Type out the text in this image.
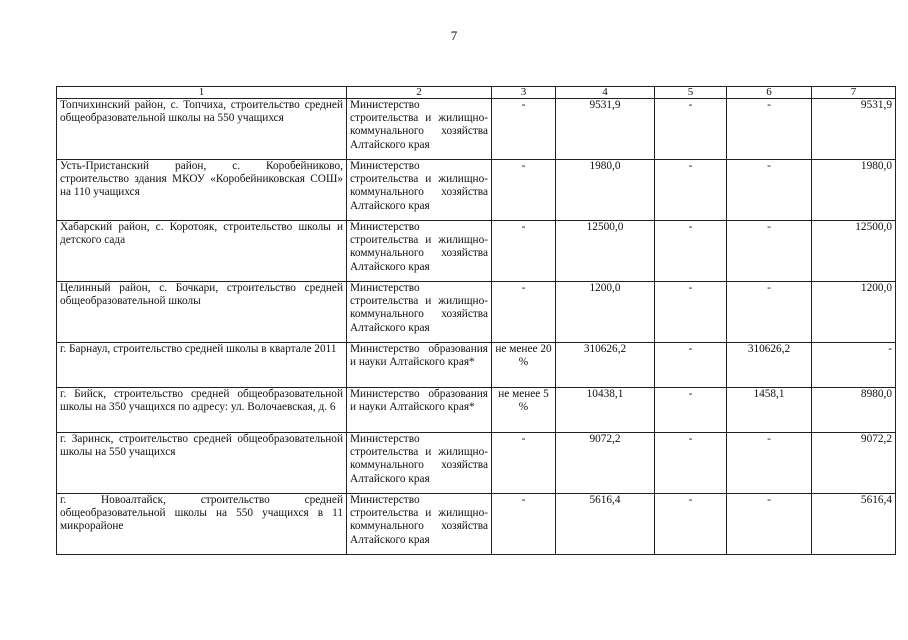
7
1	2	3	4	5	6	7
Топчихинский район, с. Топчиха, строительство средней общеобразовательной школы на 550 учащихся	Министерство строительства и жилищно-коммунального хозяйства Алтайского края	-	9531,9	-	-	9531,9
Усть-Пристанский район, с. Коробейниково, строительство здания МКОУ «Коробейниковская СОШ» на 110 учащихся	Министерство строительства и жилищно-коммунального хозяйства Алтайского края	-	1980,0	-	-	1980,0
Хабарский район, с. Коротояк, строительство школы и детского сада	Министерство строительства и жилищно-коммунального хозяйства Алтайского края	-	12500,0	-	-	12500,0
Целинный район, с. Бочкари, строительство средней общеобразовательной школы	Министерство строительства и жилищно-коммунального хозяйства Алтайского края	-	1200,0	-	-	1200,0
г. Барнаул, строительство средней школы в квартале 2011	Министерство образования и науки Алтайского края*	не менее 20 %	310626,2	-	310626,2	-
г. Бийск, строительство средней общеобразовательной школы на 350 учащихся по адресу: ул. Волочаевская, д. 6	Министерство образования и науки Алтайского края*	не менее 5 %	10438,1	-	1458,1	8980,0
г. Заринск, строительство средней общеобразовательной школы на 550 учащихся	Министерство строительства и жилищно-коммунального хозяйства Алтайского края	-	9072,2	-	-	9072,2
г. Новоалтайск, строительство средней общеобразовательной школы на 550 учащихся в 11 микрорайоне	Министерство строительства и жилищно-коммунального хозяйства Алтайского края	-	5616,4	-	-	5616,4
